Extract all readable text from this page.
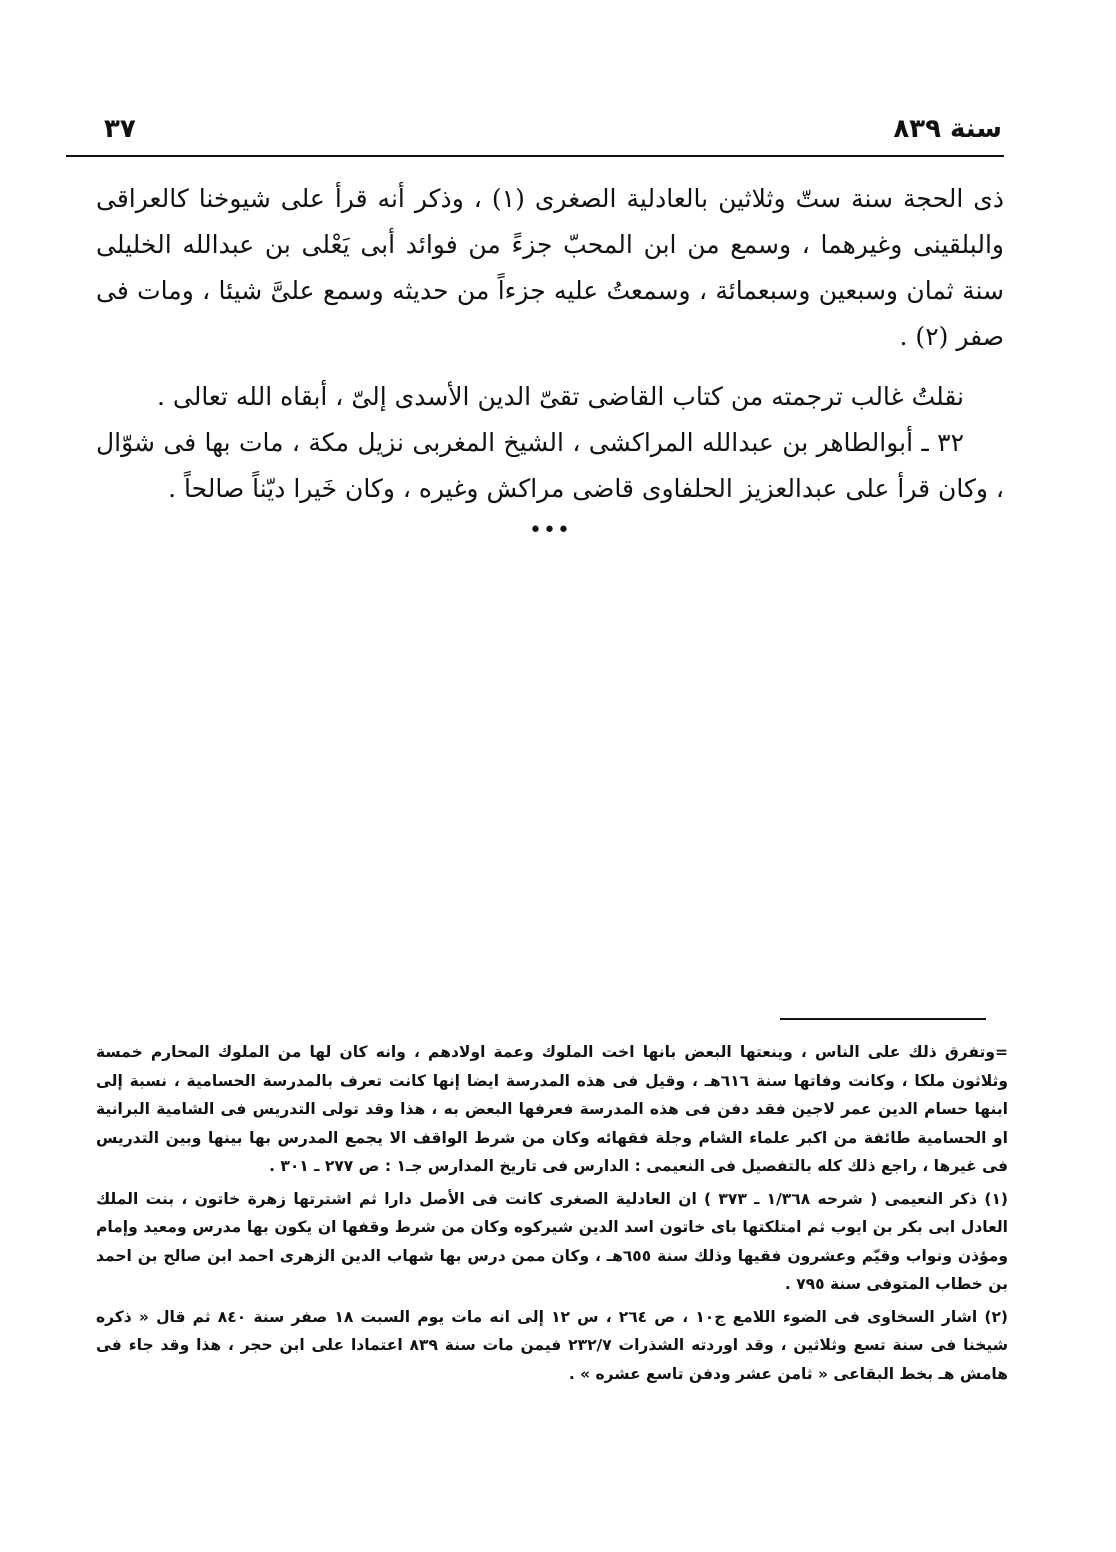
سنة ٨٣٩
٣٧

ذى الحجة سنة ستّ وثلاثين بالعادلية الصغرى (١) ، وذكر أنه قرأ على شيوخنا كالعراقى والبلقينى وغيرهما ، وسمع من ابن المحبّ جزءً من فوائد أبى يَعْلى بن عبدالله الخليلى سنة ثمان وسبعين وسبعمائة ، وسمعتُ عليه جزءاً من حديثه وسمع علىَّ شيئا ، ومات فى صفر (٢) .

نقلتُ غالب ترجمته من كتاب القاضى تقىّ الدين الأسدى إلىّ ، أبقاه الله تعالى .

٣٢ ـ أبوالطاهر بن عبدالله المراكشى ، الشيخ المغربى نزيل مكة ، مات بها فى شوّال ، وكان قرأ على عبدالعزيز الحلفاوى قاضى مراكش وغيره ، وكان خَيرا ديّناً صالحاً .

•••

=وتفرق ذلك على الناس ، وينعتها البعض بانها اخت الملوك وعمة اولادهم ، وانه كان لها من الملوك المحارم خمسة وثلاثون ملكا ، وكانت وفاتها سنة ٦١٦هـ ، وقيل فى هذه المدرسة ايضا إنها كانت تعرف بالمدرسة الحسامية ، نسبة إلى ابنها حسام الدين عمر لاجين فقد دفن فى هذه المدرسة فعرفها البعض به ، هذا وقد تولى التدريس فى الشامية البرانية او الحسامية طائفة من اكبر علماء الشام وجلة فقهائه وكان من شرط الواقف الا يجمع المدرس بها بينها وبين التدريس فى غيرها ، راجع ذلك كله بالتفصيل فى النعيمى : الدارس فى تاريخ المدارس جـ١ : ص ٢٧٧ ـ ٣٠١ .

(١) ذكر النعيمى ( شرحه ١/٣٦٨ ـ ٣٧٣ ) ان العادلية الصغرى كانت فى الأصل دارا ثم اشترتها زهرة خاتون ، بنت الملك العادل ابى بكر بن ايوب ثم امتلكتها باى خاتون اسد الدين شيركوه وكان من شرط وقفها ان يكون بها مدرس ومعيد وإمام ومؤذن ونواب وقيّم وعشرون فقيها وذلك سنة ٦٥٥هـ ، وكان ممن درس بها شهاب الدين الزهرى احمد ابن صالح بن احمد بن خطاب المتوفى سنة ٧٩٥ .

(٢) اشار السخاوى فى الضوء اللامع ج١٠ ، ص ٢٦٤ ، س ١٢ إلى انه مات يوم السبت ١٨ صفر سنة ٨٤٠ ثم قال « ذكره شيخنا فى سنة تسع وثلاثين ، وقد اوردته الشذرات ٢٣٢/٧ فيمن مات سنة ٨٣٩ اعتمادا على ابن حجر ، هذا وقد جاء فى هامش هـ بخط البقاعى « ثامن عشر ودفن تاسع عشره » .
